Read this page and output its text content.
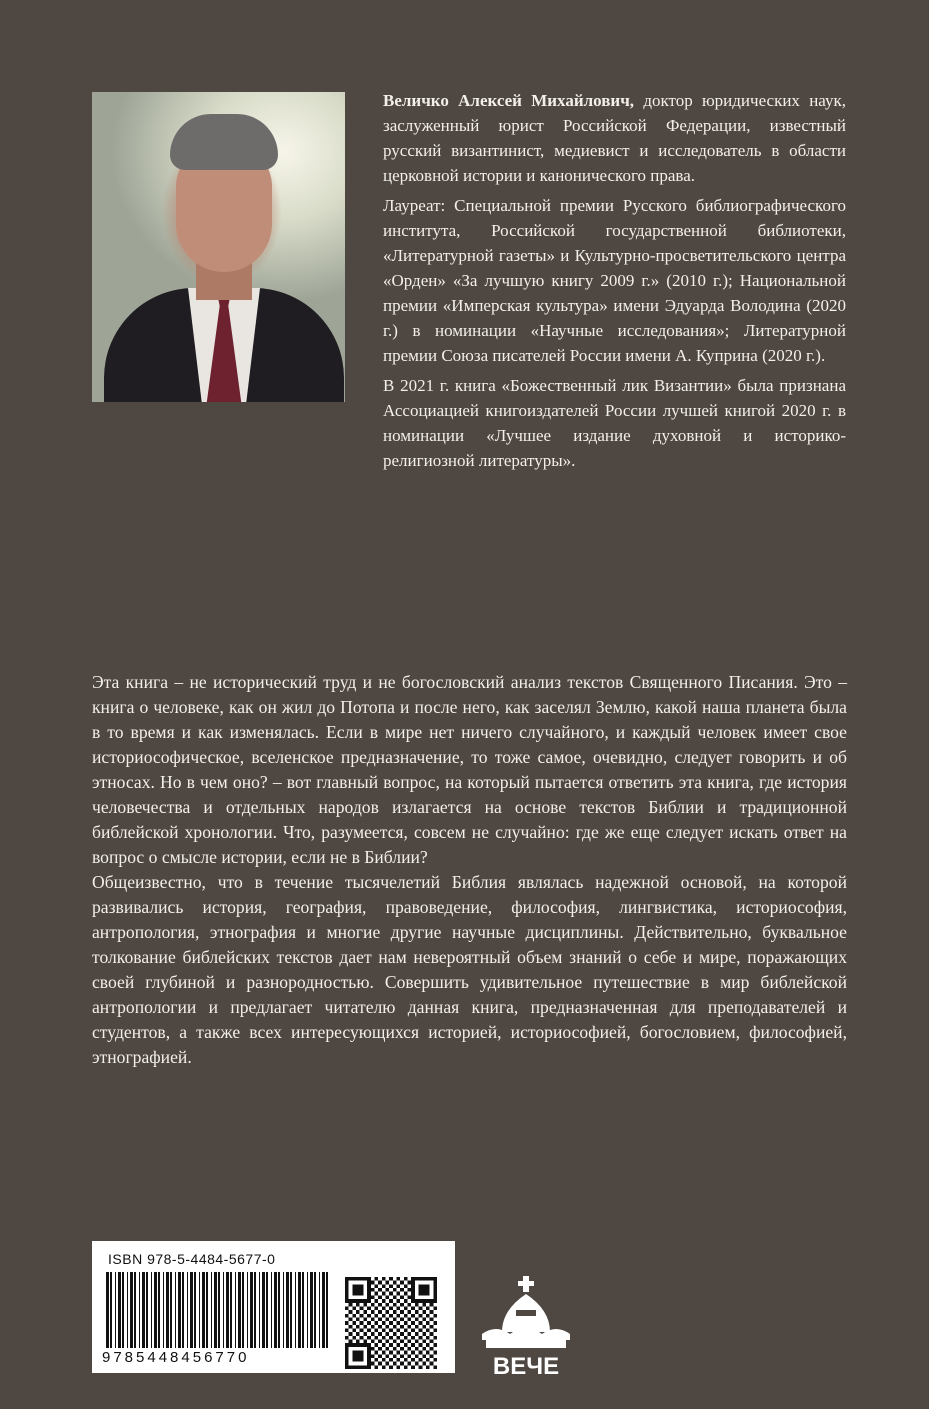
Величко Алексей Михайлович, доктор юридических наук, заслуженный юрист Российской Федерации, известный русский византинист, медиевист и исследователь в области церковной истории и канонического права.

Лауреат: Специальной премии Русского библиографического института, Российской государственной библиотеки, «Литературной газеты» и Культурно-просветительского центра «Орден» «За лучшую книгу 2009 г.» (2010 г.); Национальной премии «Имперская культура» имени Эдуарда Володина (2020 г.) в номинации «Научные исследования»; Литературной премии Союза писателей России имени А. Куприна (2020 г.).

В 2021 г. книга «Божественный лик Византии» была признана Ассоциацией книгоиздателей России лучшей книгой 2020 г. в номинации «Лучшее издание духовной и историко-религиозной литературы».

Эта книга – не исторический труд и не богословский анализ текстов Священного Писания. Это – книга о человеке, как он жил до Потопа и после него, как заселял Землю, какой наша планета была в то время и как изменялась. Если в мире нет ничего случайного, и каждый человек имеет свое историософическое, вселенское предназначение, то тоже самое, очевидно, следует говорить и об этносах. Но в чем оно? – вот главный вопрос, на который пытается ответить эта книга, где история человечества и отдельных народов излагается на основе текстов Библии и традиционной библейской хронологии. Что, разумеется, совсем не случайно: где же еще следует искать ответ на вопрос о смысле истории, если не в Библии?

Общеизвестно, что в течение тысячелетий Библия являлась надежной основой, на которой развивались история, география, правоведение, философия, лингвистика, историософия, антропология, этнография и многие другие научные дисциплины. Действительно, буквальное толкование библейских текстов дает нам невероятный объем знаний о себе и мире, поражающих своей глубиной и разнородностью. Совершить удивительное путешествие в мир библейской антропологии и предлагает читателю данная книга, предназначенная для преподавателей и студентов, а также всех интересующихся историей, историософией, богословием, философией, этнографией.

ISBN 978-5-4484-5677-0
9785448456770	ВЕЧЕ
